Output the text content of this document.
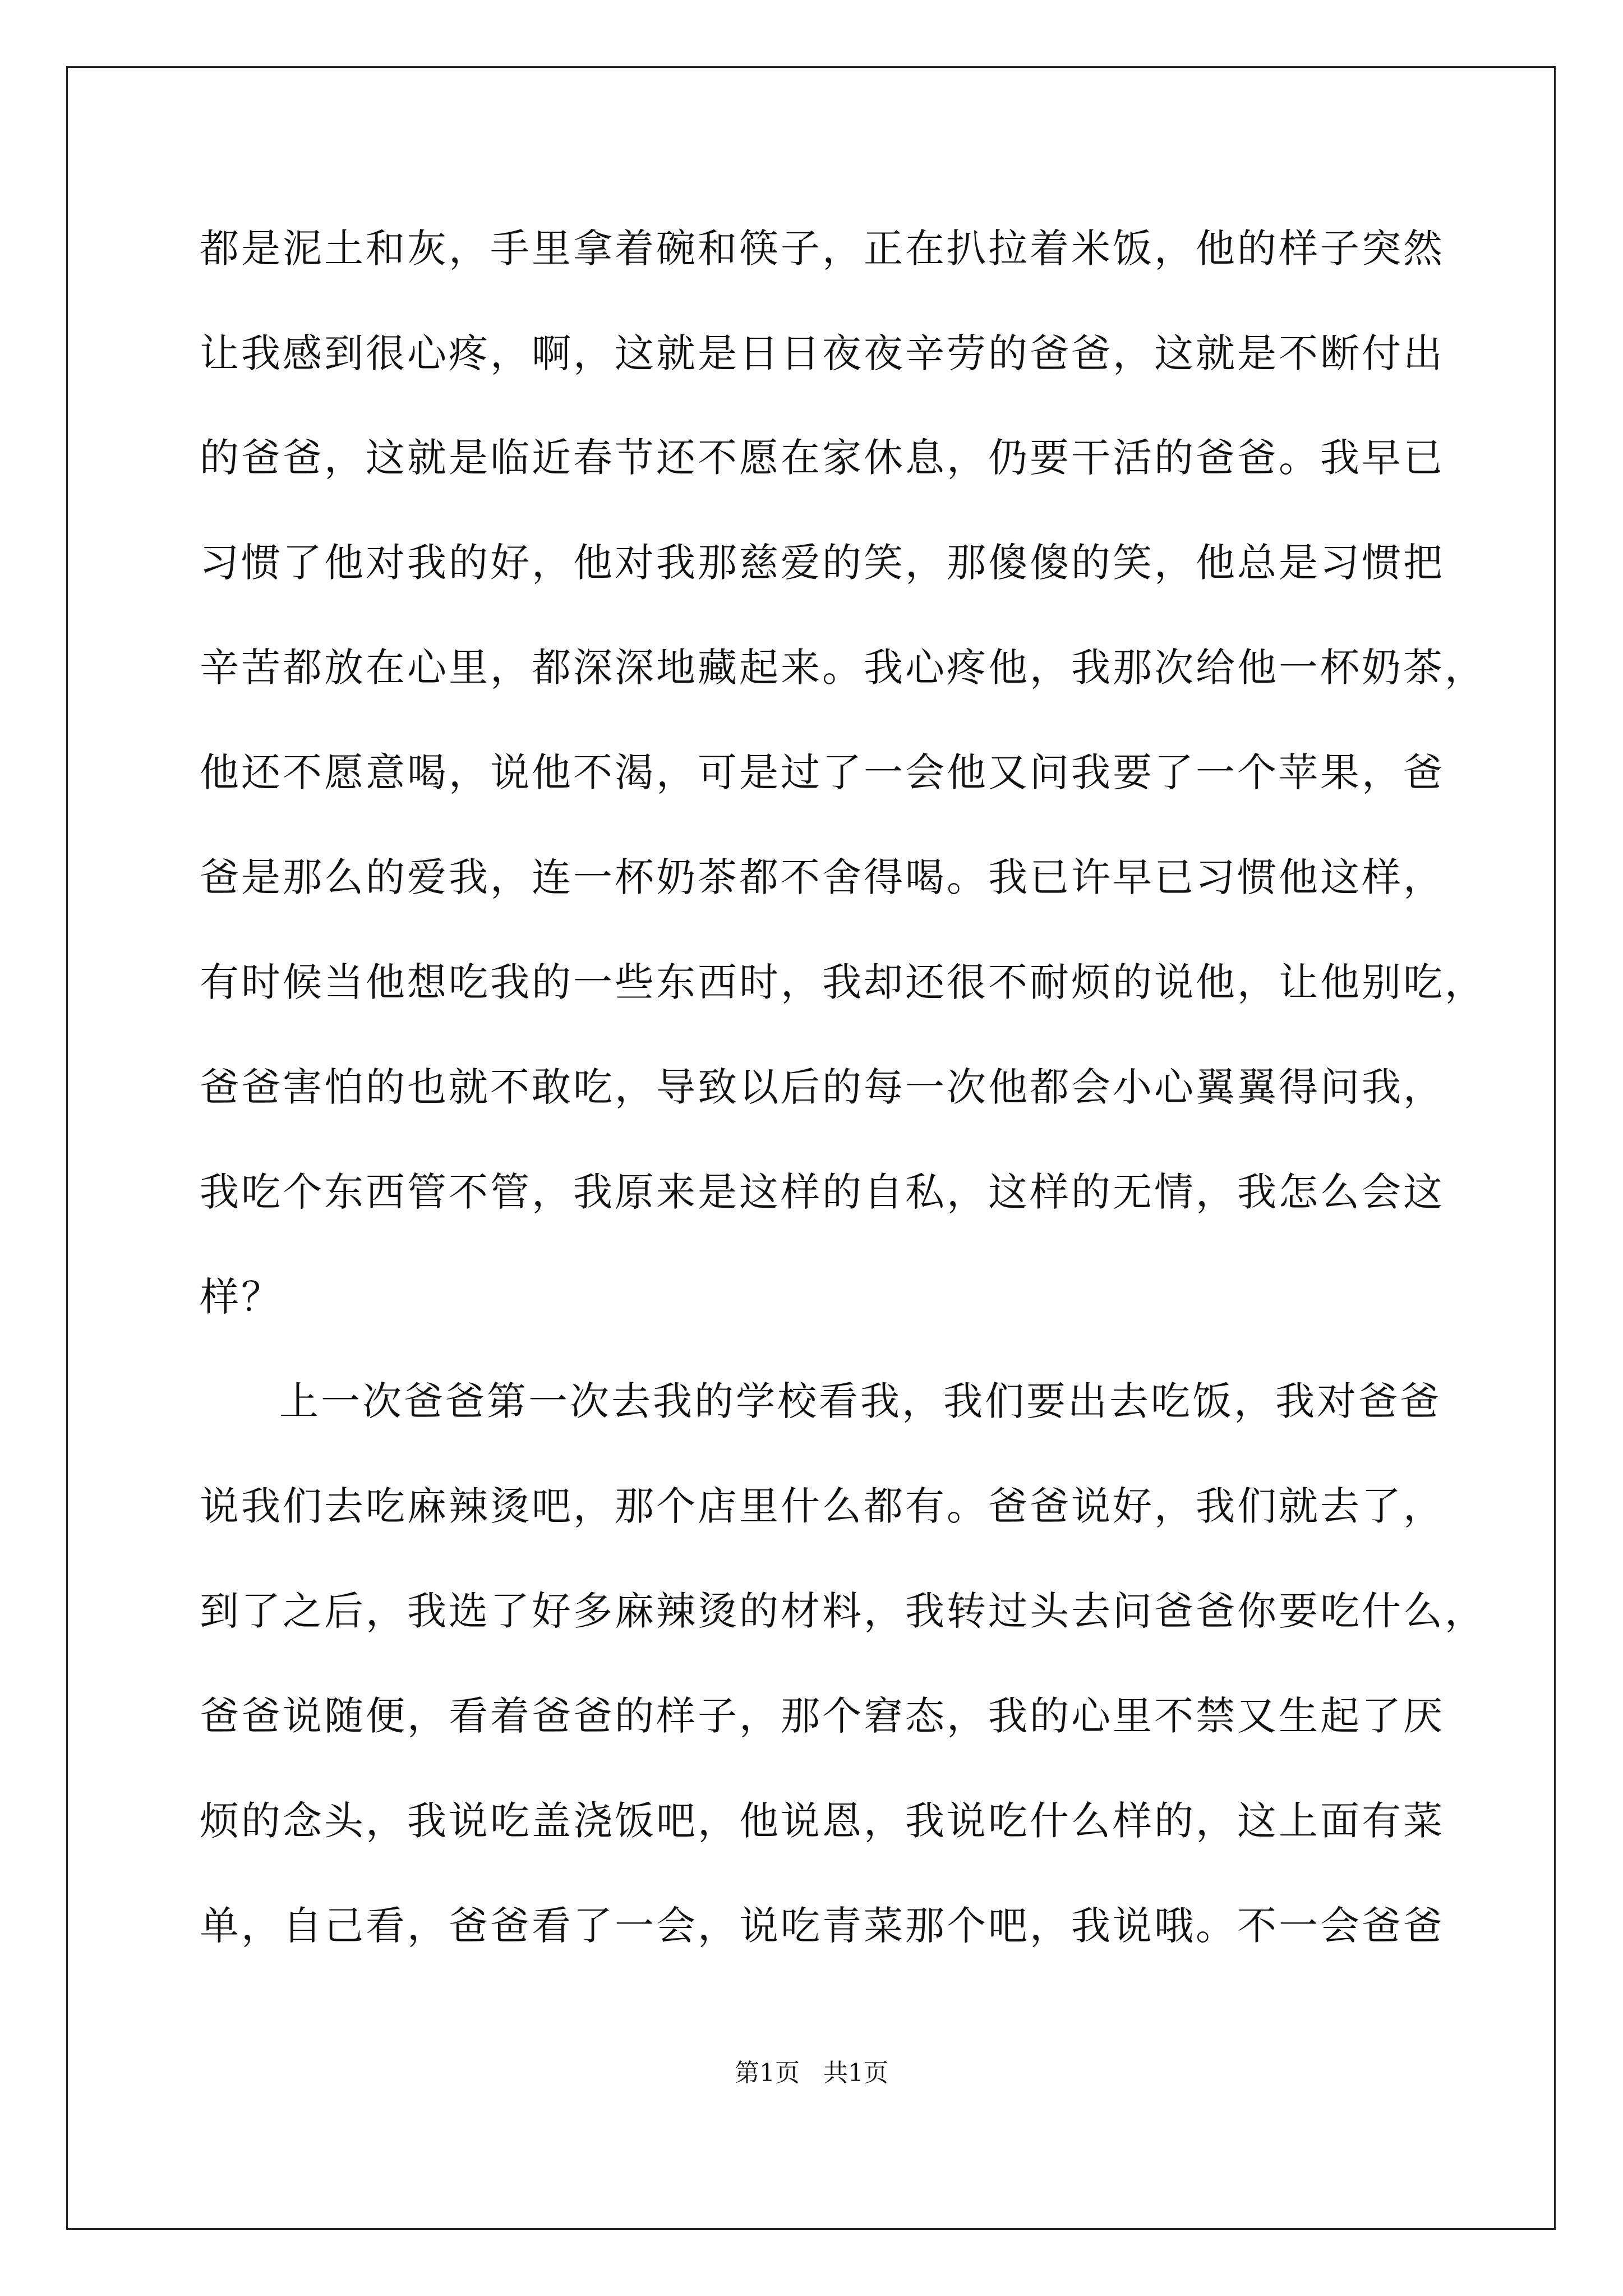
都是泥土和灰，手里拿着碗和筷子，正在扒拉着米饭，他的样子突然
让我感到很心疼，啊，这就是日日夜夜辛劳的爸爸，这就是不断付出
的爸爸，这就是临近春节还不愿在家休息，仍要干活的爸爸。我早已
习惯了他对我的好，他对我那慈爱的笑，那傻傻的笑，他总是习惯把
辛苦都放在心里，都深深地藏起来。我心疼他，我那次给他一杯奶茶，
他还不愿意喝，说他不渴，可是过了一会他又问我要了一个苹果，爸
爸是那么的爱我，连一杯奶茶都不舍得喝。我已许早已习惯他这样，
有时候当他想吃我的一些东西时，我却还很不耐烦的说他，让他别吃，
爸爸害怕的也就不敢吃，导致以后的每一次他都会小心翼翼得问我，
我吃个东西管不管，我原来是这样的自私，这样的无情，我怎么会这
样？
上一次爸爸第一次去我的学校看我，我们要出去吃饭，我对爸爸
说我们去吃麻辣烫吧，那个店里什么都有。爸爸说好，我们就去了，
到了之后，我选了好多麻辣烫的材料，我转过头去问爸爸你要吃什么，
爸爸说随便，看着爸爸的样子，那个窘态，我的心里不禁又生起了厌
烦的念头，我说吃盖浇饭吧，他说恩，我说吃什么样的，这上面有菜
单，自己看，爸爸看了一会，说吃青菜那个吧，我说哦。不一会爸爸
第1页   共1页
